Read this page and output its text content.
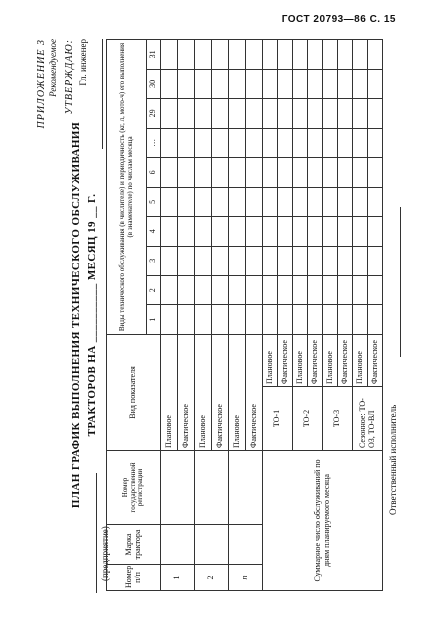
ГОСТ 20793—86 С. 15
ПРИЛОЖЕНИЕ 3 Рекомендуемое УТВЕРЖДАЮ: Гл. инженер
(предприятие)
ПЛАН ГРАФИК ВЫПОЛНЕНИЯ ТЕХНИЧЕСКОГО ОБСЛУЖИВАНИЯ ТРАКТОРОВ НА __________ МЕСЯЦ 19 __ Г.
Номер п/п	Марка трактора	Номер государственной регистрации	Вид показателя		Виды технического обслуживания (в числителе) и периодичность (кг, л, мото-ч) его выполнения (в знаменателе) по числам месяца									
					1	2	3	4	5	6	…	29	30	31
1			Плановое											
			Фактическое											
2			Плановое											
			Фактическое											
n			Плановое											
			Фактическое											
Суммарное число обслуживаний по дням планируемого месяца			ТО-1	Плановое										
				Фактическое										
			ТО-2	Плановое										
				Фактическое										
			ТО-3	Плановое										
				Фактическое										
			Сезонное: ТО-ОЗ, ТО-ВЛ	Плановое										
				Фактическое										
Ответственный исполнитель
